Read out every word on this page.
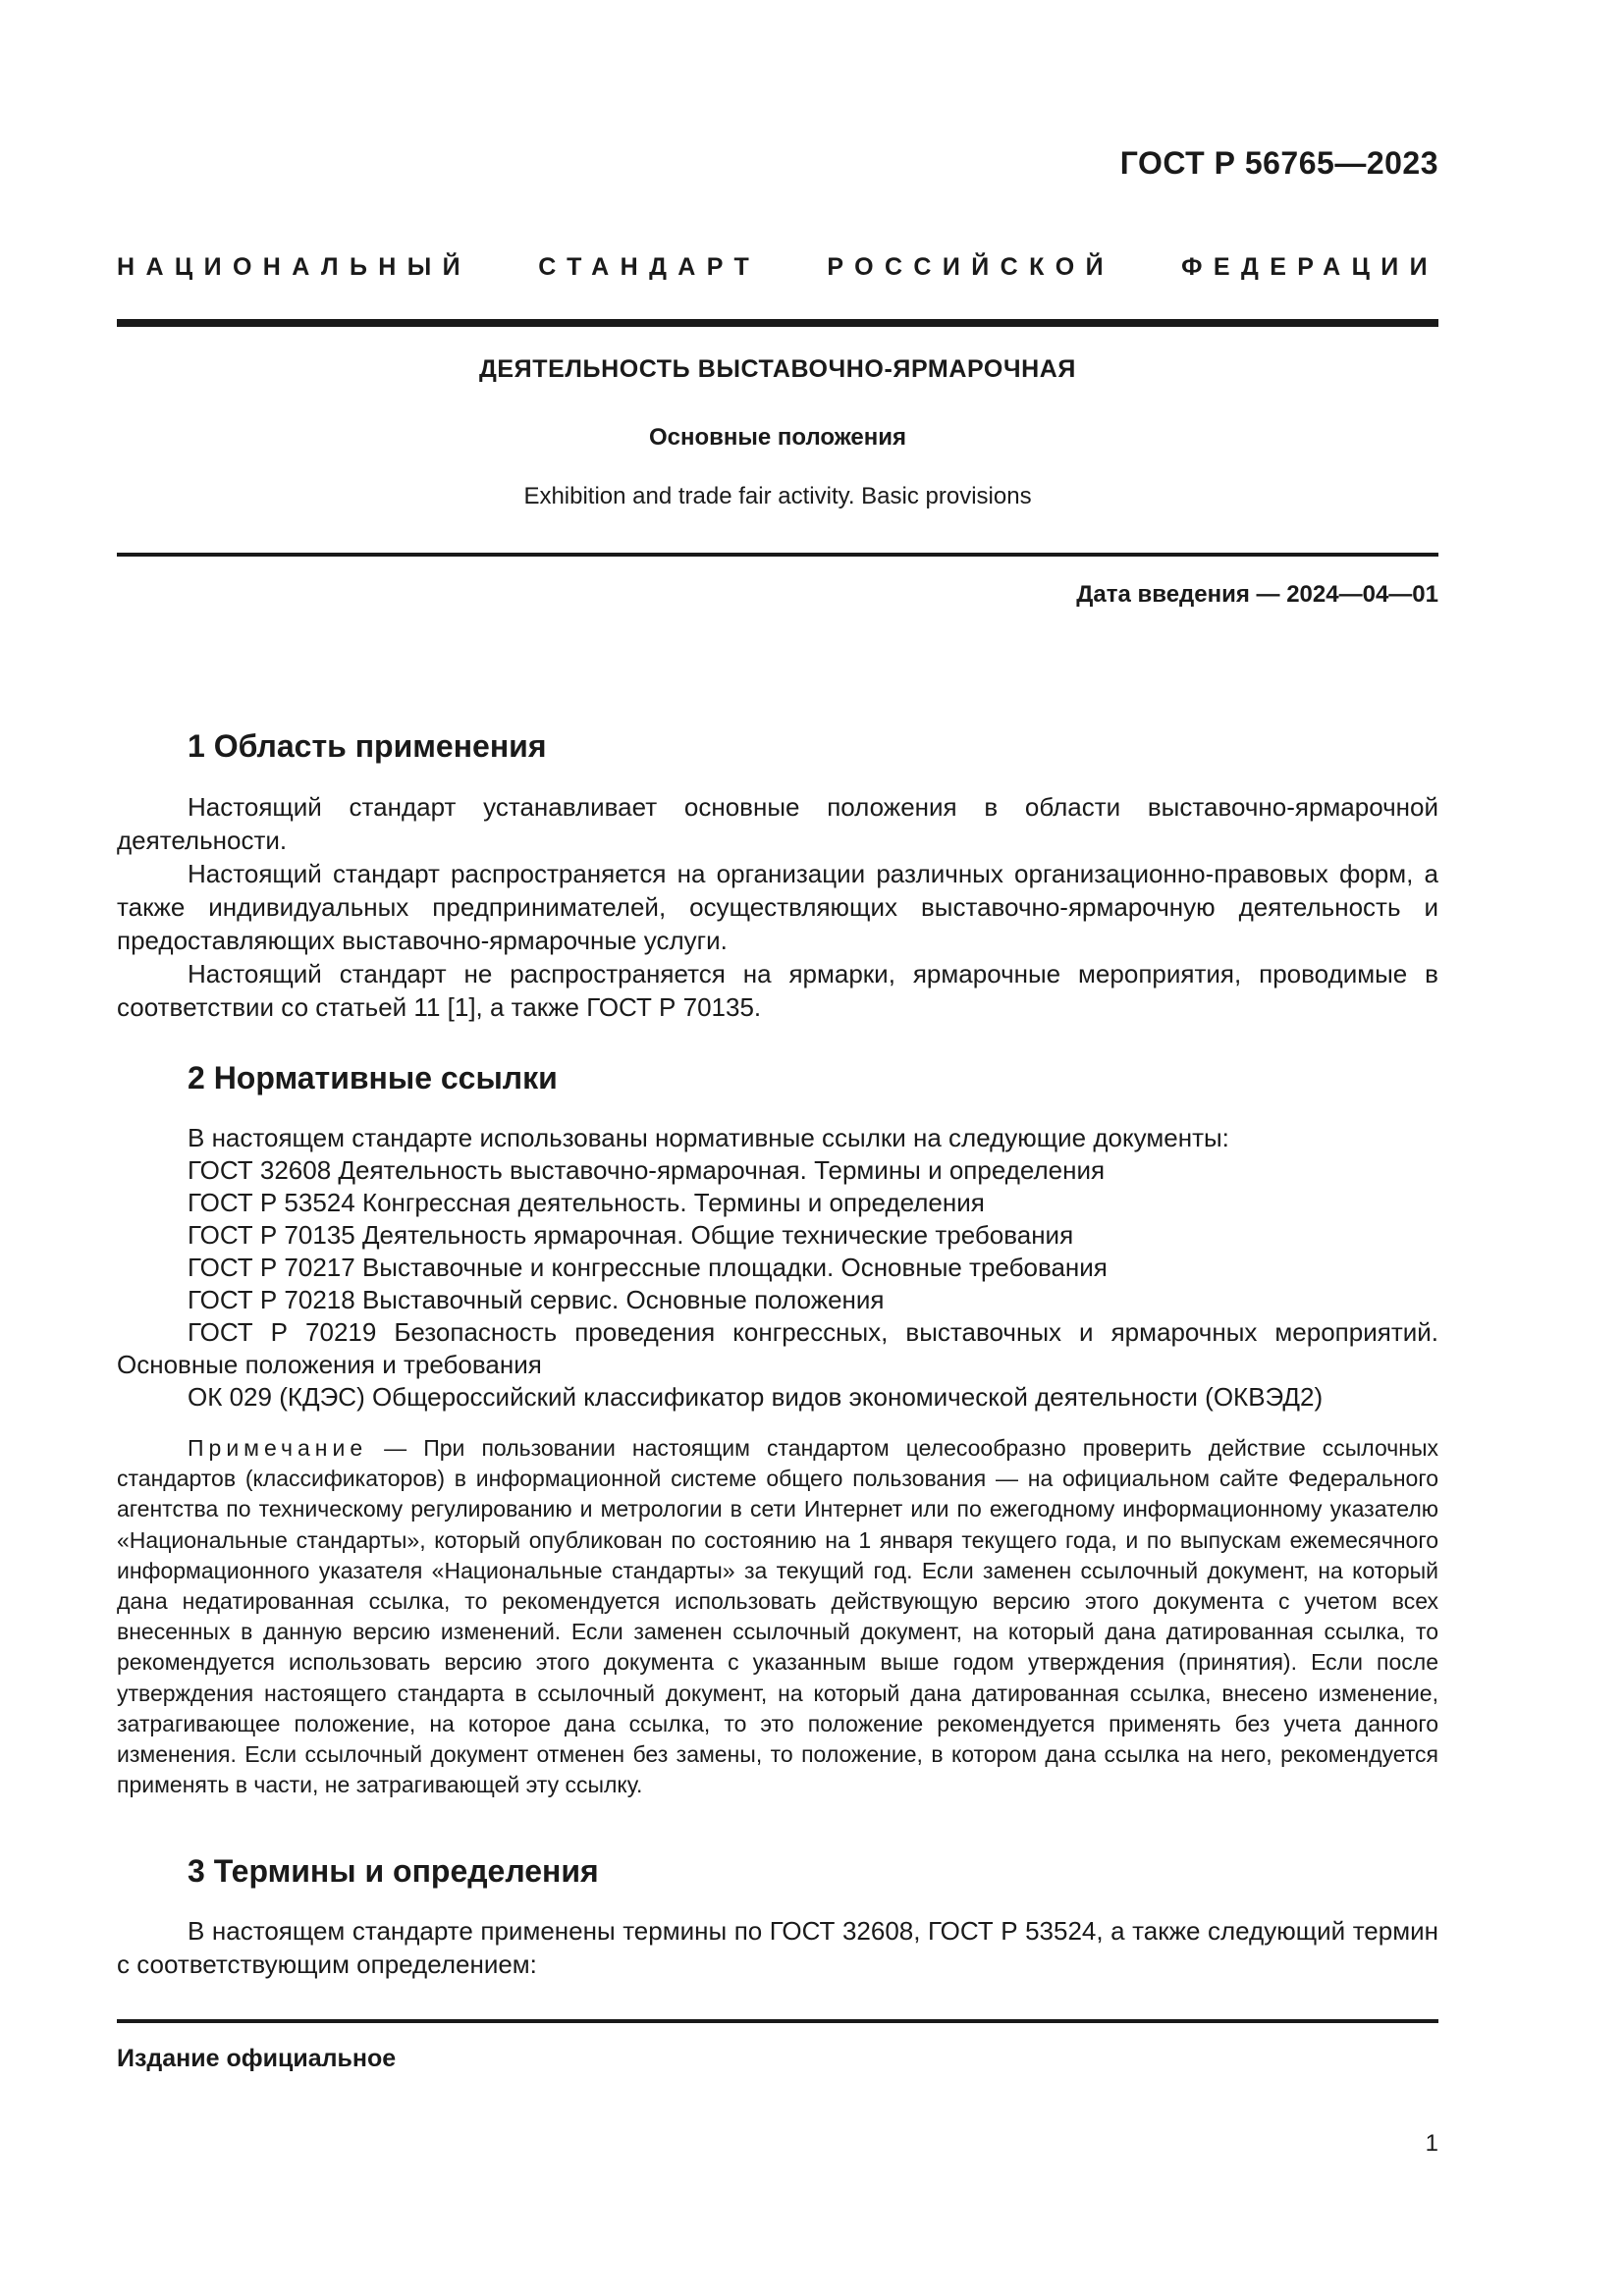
ГОСТ Р 56765—2023
НАЦИОНАЛЬНЫЙ СТАНДАРТ РОССИЙСКОЙ ФЕДЕРАЦИИ
ДЕЯТЕЛЬНОСТЬ ВЫСТАВОЧНО-ЯРМАРОЧНАЯ
Основные положения
Exhibition and trade fair activity. Basic provisions
Дата введения — 2024—04—01
1 Область применения

Настоящий стандарт устанавливает основные положения в области выставочно-ярмарочной деятельности.

Настоящий стандарт распространяется на организации различных организационно-правовых форм, а также индивидуальных предпринимателей, осуществляющих выставочно-ярмарочную деятельность и предоставляющих выставочно-ярмарочные услуги.

Настоящий стандарт не распространяется на ярмарки, ярмарочные мероприятия, проводимые в соответствии со статьей 11 [1], а также ГОСТ Р 70135.

2 Нормативные ссылки

В настоящем стандарте использованы нормативные ссылки на следующие документы:

ГОСТ 32608 Деятельность выставочно-ярмарочная. Термины и определения

ГОСТ Р 53524 Конгрессная деятельность. Термины и определения

ГОСТ Р 70135 Деятельность ярмарочная. Общие технические требования

ГОСТ Р 70217 Выставочные и конгрессные площадки. Основные требования

ГОСТ Р 70218 Выставочный сервис. Основные положения

ГОСТ Р 70219 Безопасность проведения конгрессных, выставочных и ярмарочных мероприятий. Основные положения и требования

ОК 029 (КДЭС) Общероссийский классификатор видов экономической деятельности (ОКВЭД2)

Примечание — При пользовании настоящим стандартом целесообразно проверить действие ссылочных стандартов (классификаторов) в информационной системе общего пользования — на официальном сайте Федерального агентства по техническому регулированию и метрологии в сети Интернет или по ежегодному информационному указателю «Национальные стандарты», который опубликован по состоянию на 1 января текущего года, и по выпускам ежемесячного информационного указателя «Национальные стандарты» за текущий год. Если заменен ссылочный документ, на который дана недатированная ссылка, то рекомендуется использовать действующую версию этого документа с учетом всех внесенных в данную версию изменений. Если заменен ссылочный документ, на который дана датированная ссылка, то рекомендуется использовать версию этого документа с указанным выше годом утверждения (принятия). Если после утверждения настоящего стандарта в ссылочный документ, на который дана датированная ссылка, внесено изменение, затрагивающее положение, на которое дана ссылка, то это положение рекомендуется применять без учета данного изменения. Если ссылочный документ отменен без замены, то положение, в котором дана ссылка на него, рекомендуется применять в части, не затрагивающей эту ссылку.

3 Термины и определения

В настоящем стандарте применены термины по ГОСТ 32608, ГОСТ Р 53524, а также следующий термин с соответствующим определением:

Издание официальное
1
